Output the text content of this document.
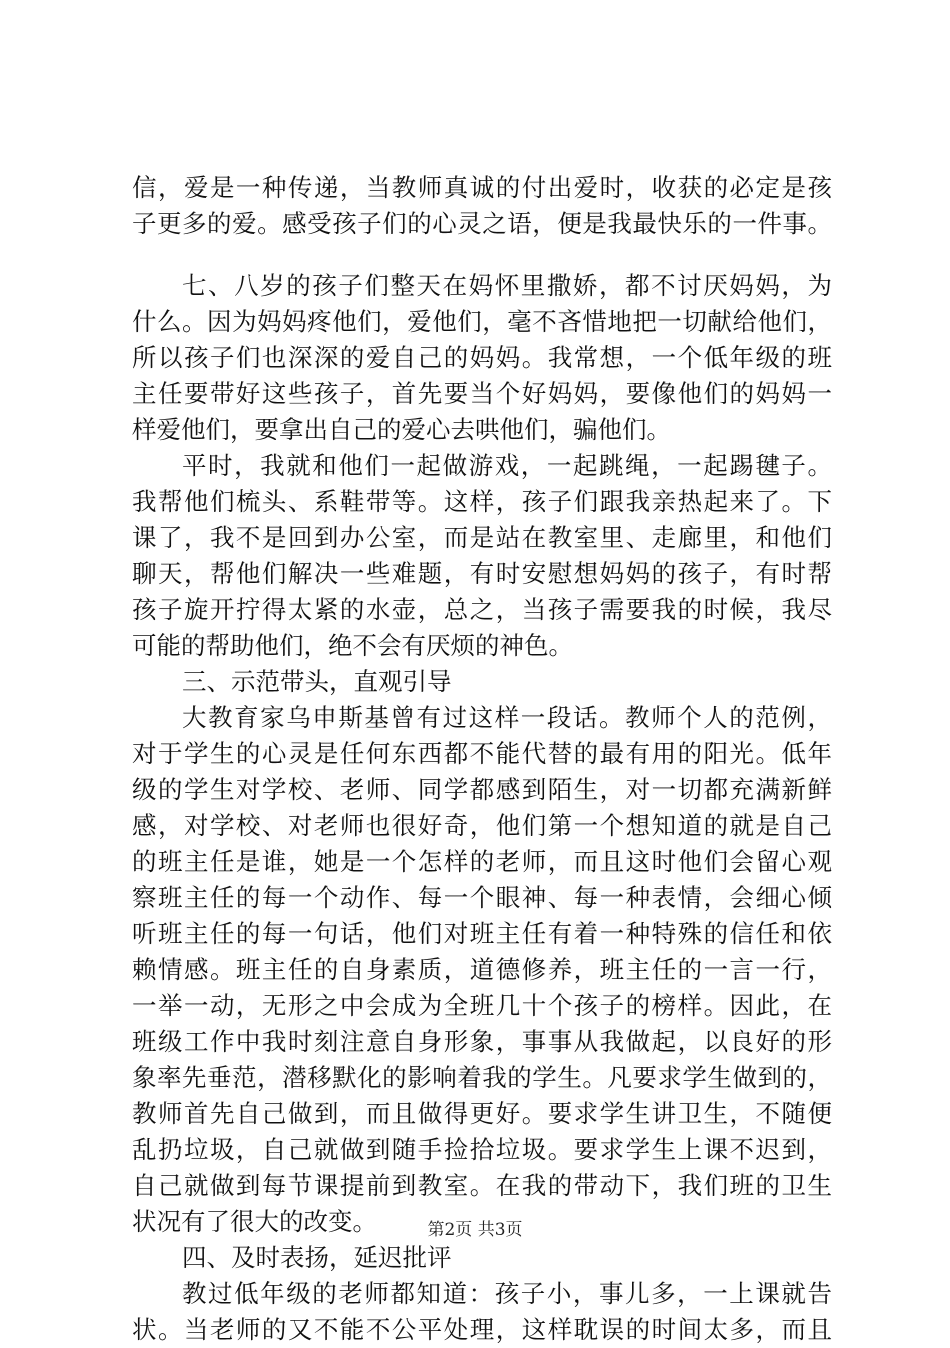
信，爱是一种传递，当教师真诚的付出爱时，收获的必定是孩
子更多的爱。感受孩子们的心灵之语，便是我最快乐的一件事。
七、八岁的孩子们整天在妈怀里撒娇，都不讨厌妈妈，为
什么。因为妈妈疼他们，爱他们，毫不吝惜地把一切献给他们，
所以孩子们也深深的爱自己的妈妈。我常想，一个低年级的班
主任要带好这些孩子，首先要当个好妈妈，要像他们的妈妈一
样爱他们，要拿出自己的爱心去哄他们，骗他们。
平时，我就和他们一起做游戏，一起跳绳，一起踢毽子。
我帮他们梳头、系鞋带等。这样，孩子们跟我亲热起来了。下
课了，我不是回到办公室，而是站在教室里、走廊里，和他们
聊天，帮他们解决一些难题，有时安慰想妈妈的孩子，有时帮
孩子旋开拧得太紧的水壶，总之，当孩子需要我的时候，我尽
可能的帮助他们，绝不会有厌烦的神色。
三、示范带头，直观引导
大教育家乌申斯基曾有过这样一段话。教师个人的范例，
对于学生的心灵是任何东西都不能代替的最有用的阳光。低年
级的学生对学校、老师、同学都感到陌生，对一切都充满新鲜
感，对学校、对老师也很好奇，他们第一个想知道的就是自己
的班主任是谁，她是一个怎样的老师，而且这时他们会留心观
察班主任的每一个动作、每一个眼神、每一种表情，会细心倾
听班主任的每一句话，他们对班主任有着一种特殊的信任和依
赖情感。班主任的自身素质，道德修养，班主任的一言一行，
一举一动，无形之中会成为全班几十个孩子的榜样。因此，在
班级工作中我时刻注意自身形象，事事从我做起，以良好的形
象率先垂范，潜移默化的影响着我的学生。凡要求学生做到的，
教师首先自己做到，而且做得更好。要求学生讲卫生，不随便
乱扔垃圾，自己就做到随手捡拾垃圾。要求学生上课不迟到，
自己就做到每节课提前到教室。在我的带动下，我们班的卫生
状况有了很大的改变。
四、及时表扬，延迟批评
教过低年级的老师都知道：孩子小，事儿多，一上课就告
状。当老师的又不能不公平处理，这样耽误的时间太多，而且
第2页 共3页
